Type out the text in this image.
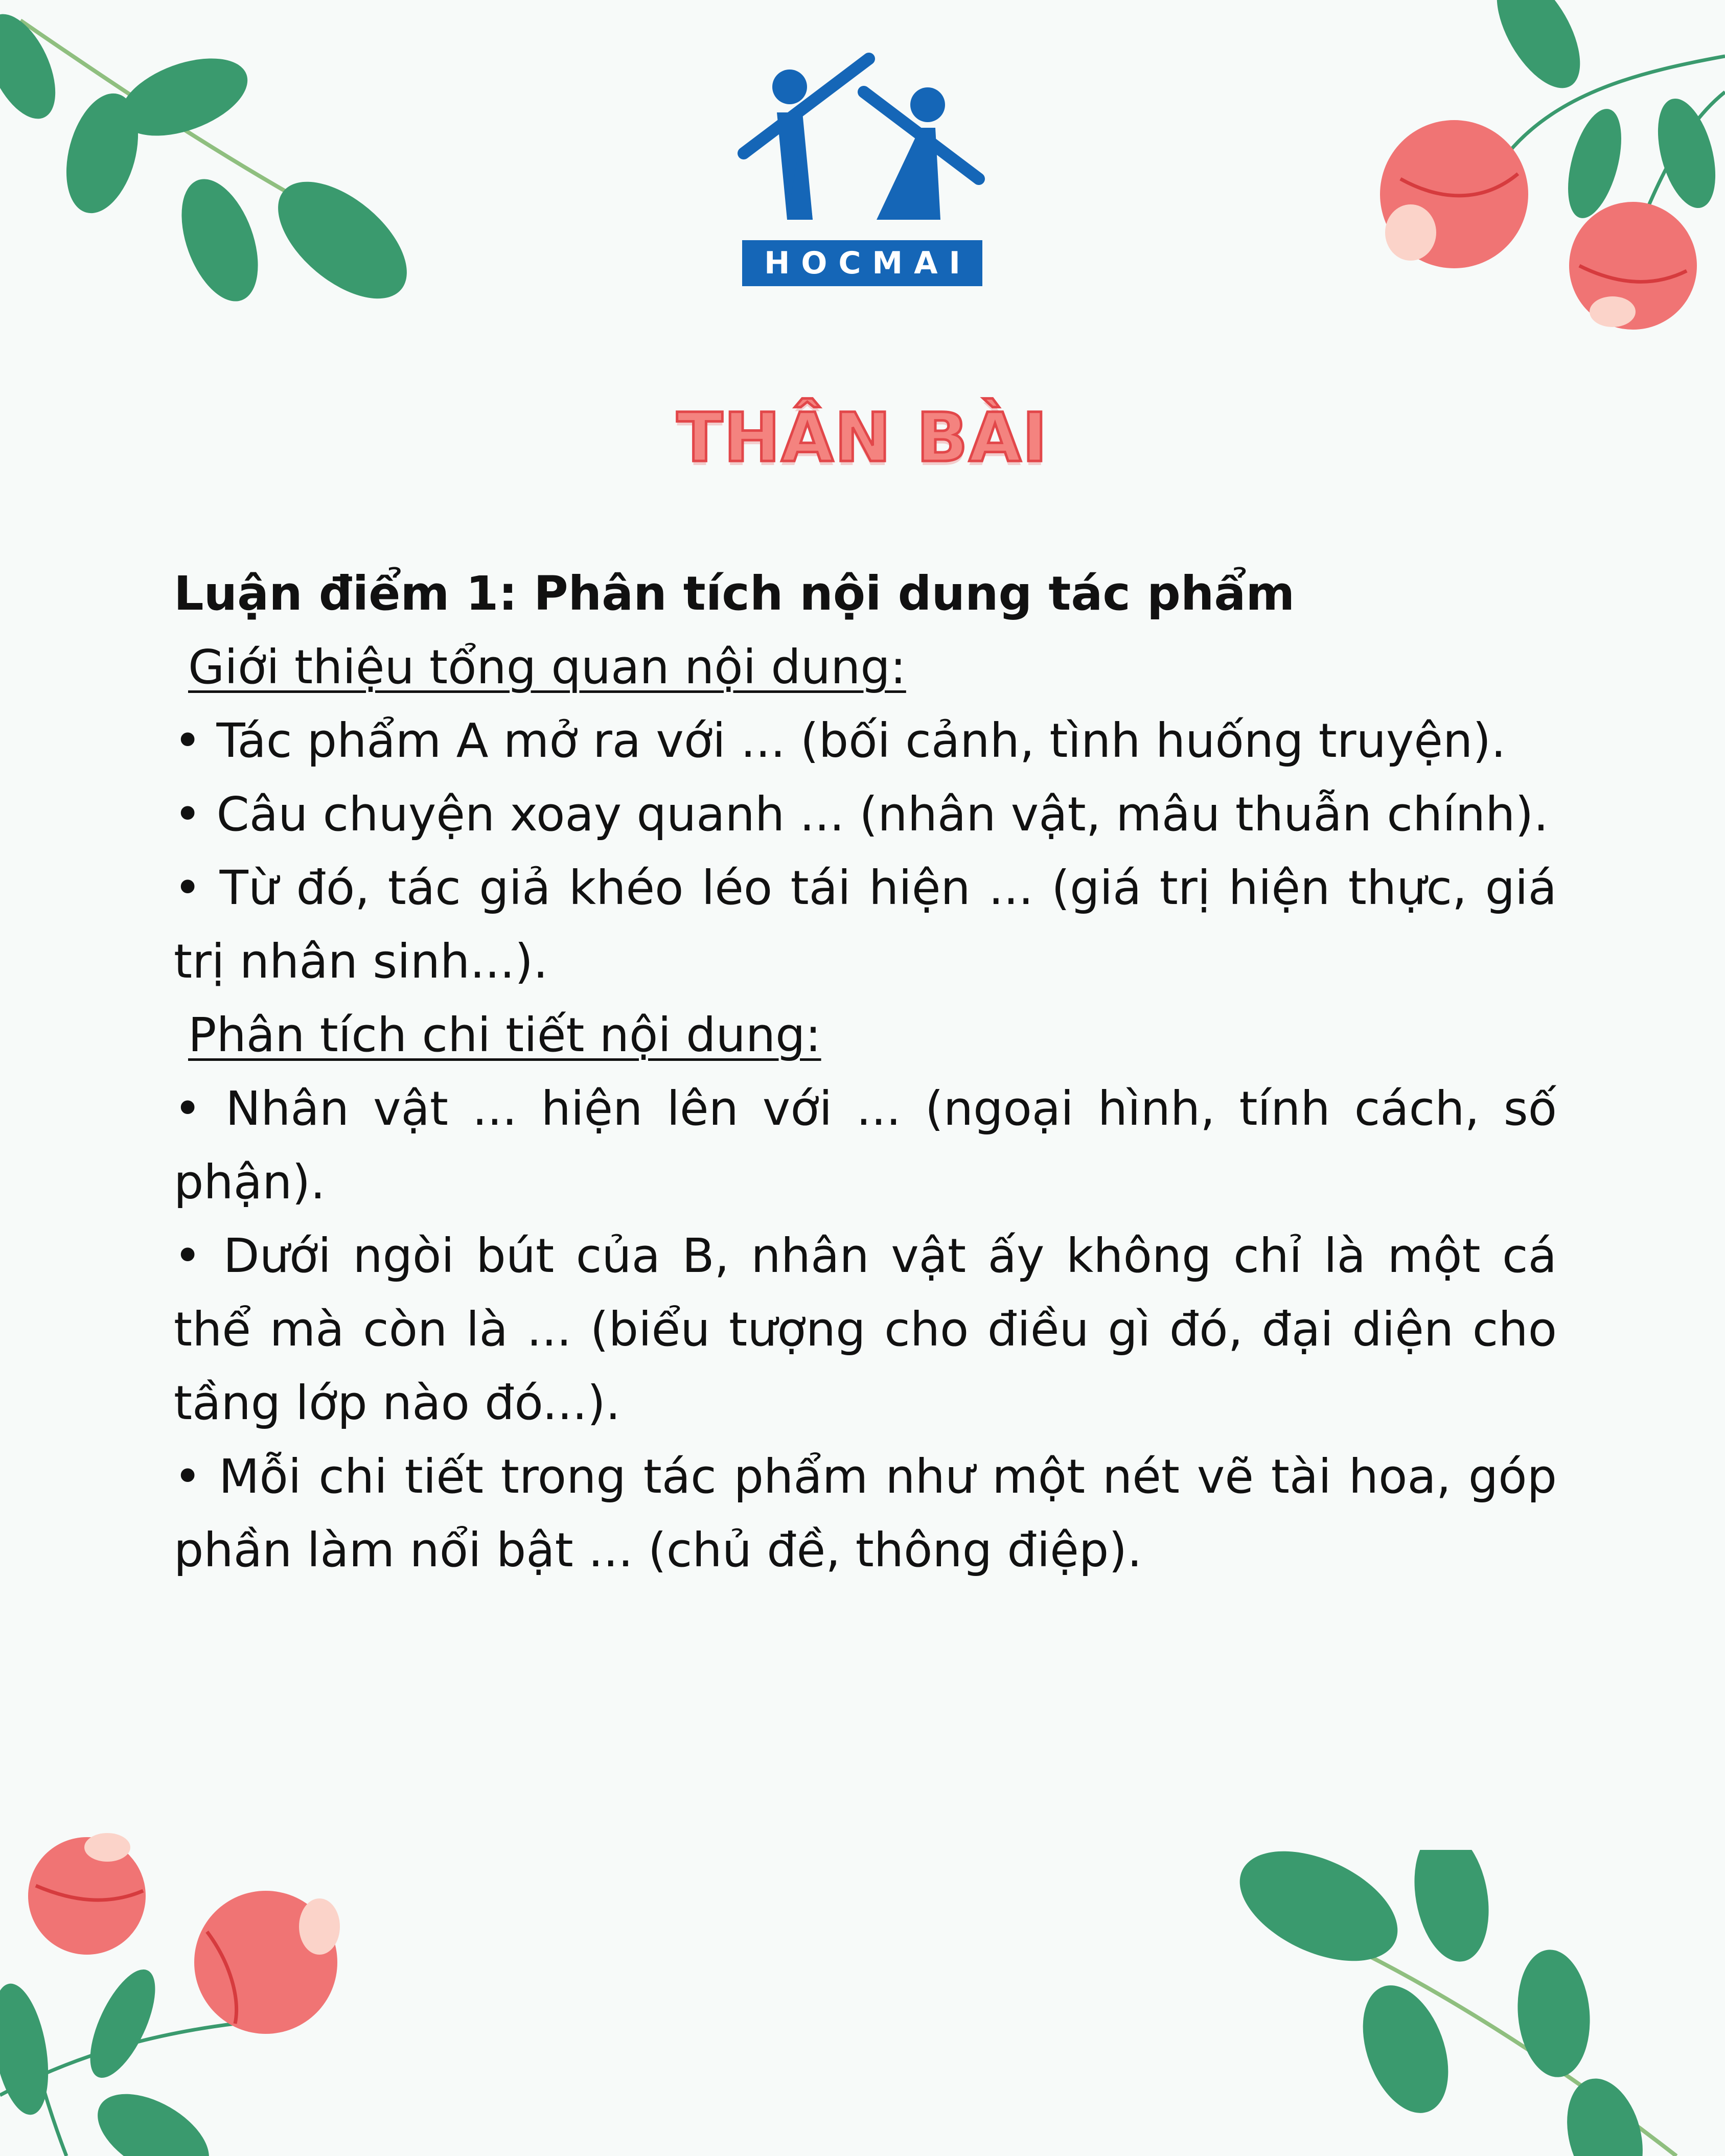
HOCMAI
THÂN BÀI

Luận điểm 1: Phân tích nội dung tác phẩm

Giới thiệu tổng quan nội dung:

• Tác phẩm A mở ra với ... (bối cảnh, tình huống truyện).

• Câu chuyện xoay quanh ... (nhân vật, mâu thuẫn chính).

• Từ đó, tác giả khéo léo tái hiện ... (giá trị hiện thực, giá trị nhân sinh...).

Phân tích chi tiết nội dung:

• Nhân vật ... hiện lên với ... (ngoại hình, tính cách, số phận).

• Dưới ngòi bút của B, nhân vật ấy không chỉ là một cá thể mà còn là ... (biểu tượng cho điều gì đó, đại diện cho tầng lớp nào đó...).

• Mỗi chi tiết trong tác phẩm như một nét vẽ tài hoa, góp phần làm nổi bật ... (chủ đề, thông điệp).
